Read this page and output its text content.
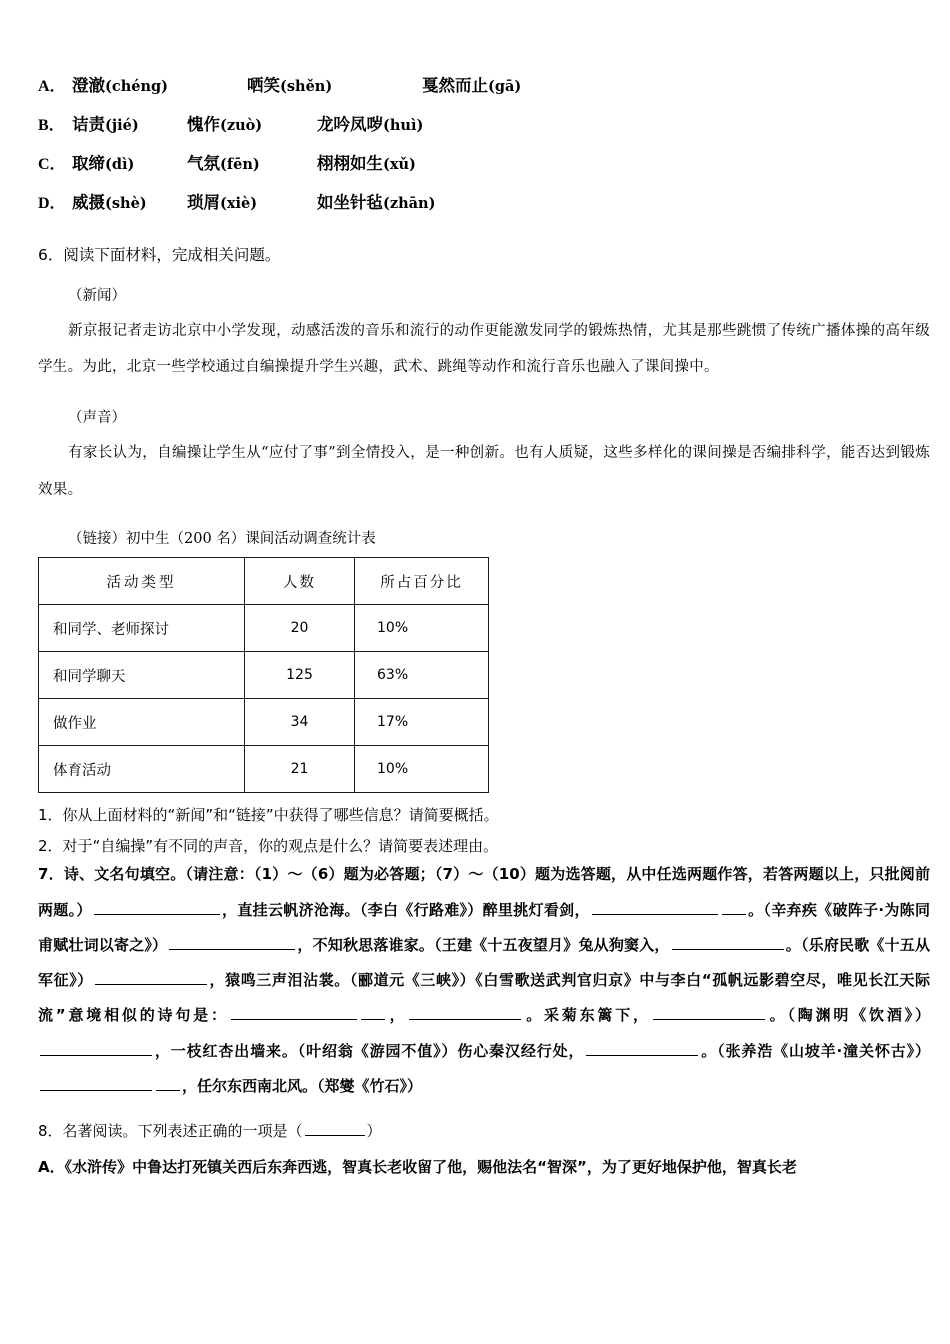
A． 澄澈(chéng)	哂笑(shěn)	戛然而止(gā)
B． 诘责(jié)	愧作(zuò)	龙吟凤哕(huì)
C． 取缔(dì)	气氛(fēn)	栩栩如生(xǔ)
D． 威摄(shè)	琐屑(xiè)	如坐针毡(zhān)
6．阅读下面材料，完成相关问题。
（新闻）
新京报记者走访北京中小学发现，动感活泼的音乐和流行的动作更能激发同学的锻炼热情，尤其是那些跳惯了传统广播体操的高年级学生。为此，北京一些学校通过自编操提升学生兴趣，武术、跳绳等动作和流行音乐也融入了课间操中。
（声音）
有家长认为，自编操让学生从“应付了事”到全情投入，是一种创新。也有人质疑，这些多样化的课间操是否编排科学，能否达到锻炼效果。
（链接）初中生（200 名）课间活动调查统计表
活动类型	人数	所占百分比
和同学、老师探讨	20	10%
和同学聊天	125	63%
做作业	34	17%
体育活动	21	10%
1．你从上面材料的“新闻”和“链接”中获得了哪些信息？请简要概括。
2．对于“自编操”有不同的声音，你的观点是什么？请简要表述理由。
7．诗、文名句填空。（请注意：（1）～（6）题为必答题；（7）～（10）题为选答题，从中任选两题作答，若答两题以上，只批阅前两题。）	，直挂云帆济沧海。（李白《行路难》）醉里挑灯看剑，	。（辛弃疾《破阵子·为陈同甫赋壮词以寄之》）	，不知秋思落谁家。（王建《十五夜望月》兔从狗窦入，	。（乐府民歌《十五从军征》）	，猿鸣三声泪沾裳。（郦道元《三峡》）《白雪歌送武判官归京》中与李白“孤帆远影碧空尽，唯见长江天际流”意境相似的诗句是：	，	。采菊东篱下，	。（陶渊明《饮酒》），一枝红杏出墙来。（叶绍翁《游园不值》）伤心秦汉经行处，	。（张养浩《山坡羊·潼关怀古》），任尔东西南北风。（郑燮《竹石》）
8．名著阅读。下列表述正确的一项是（	）
A．《水浒传》中鲁达打死镇关西后东奔西逃，智真长老收留了他，赐他法名“智深”，为了更好地保护他，智真长老
